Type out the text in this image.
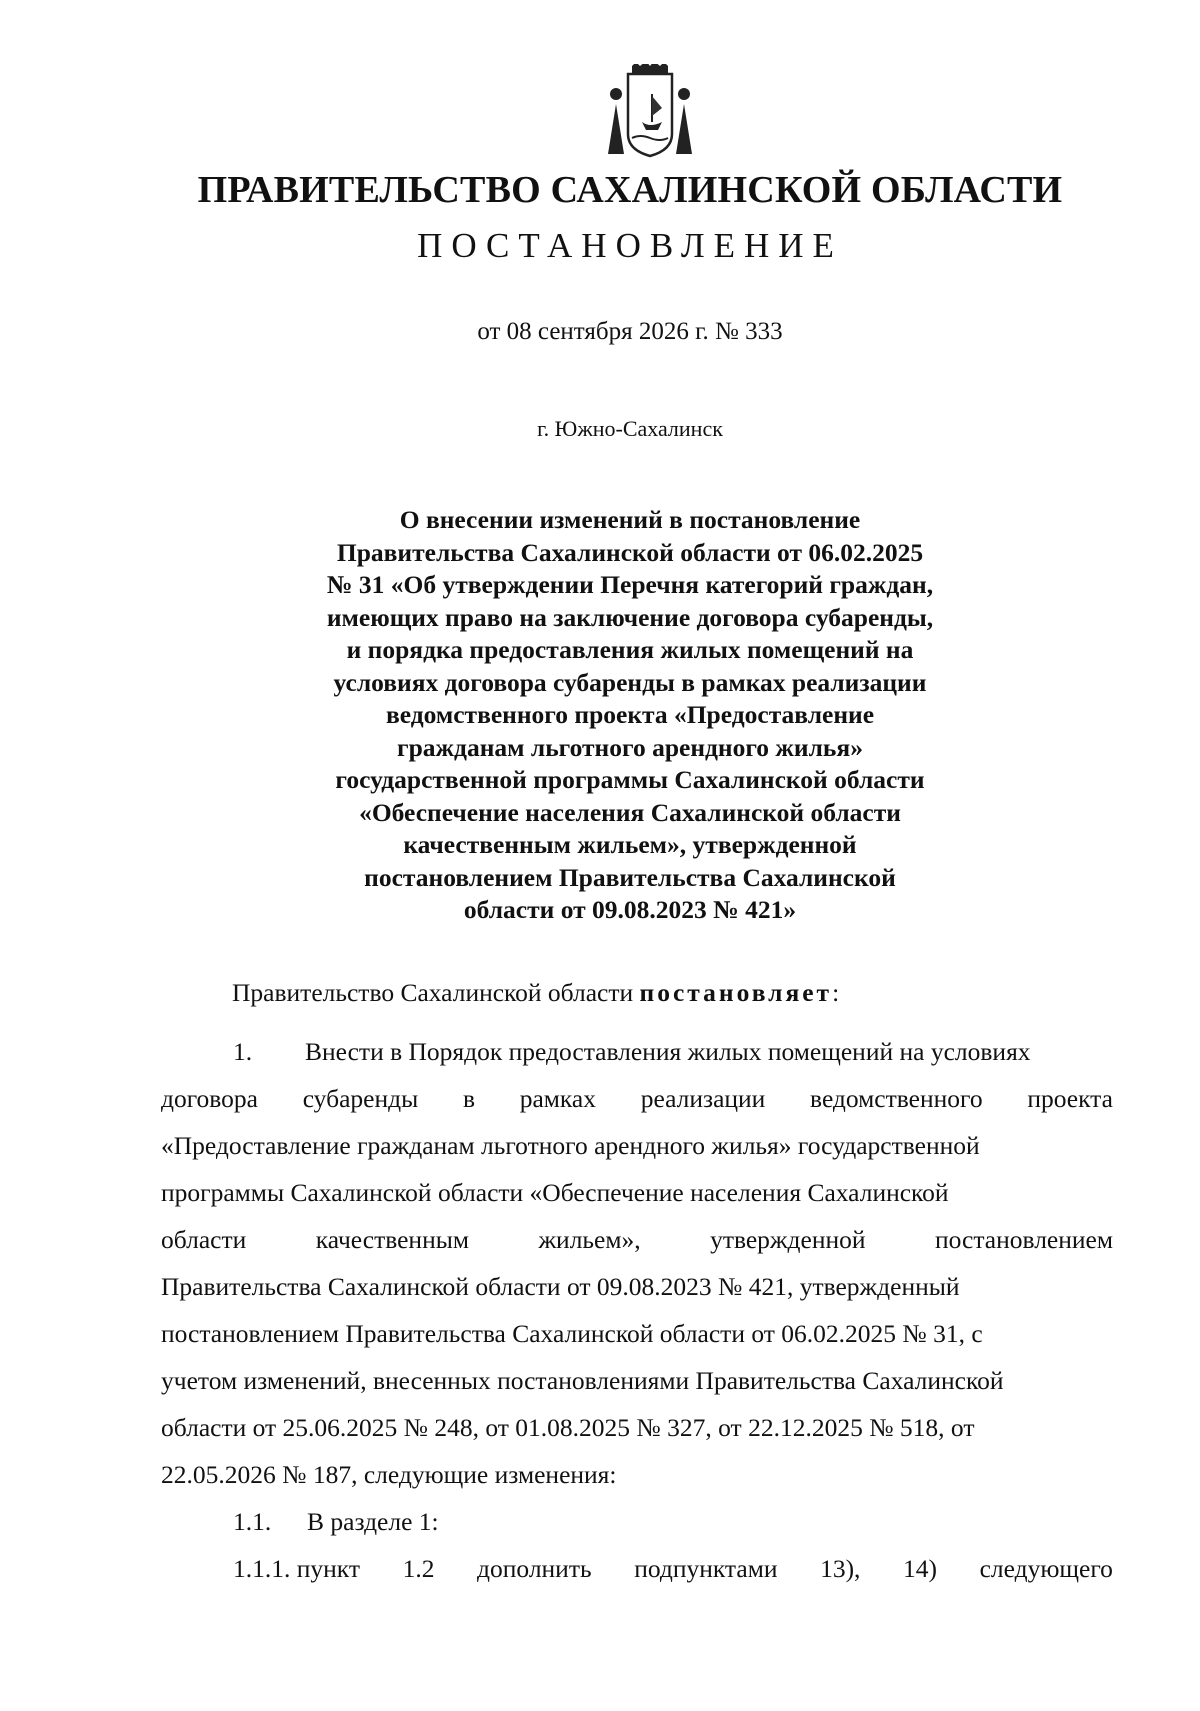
ПРАВИТЕЛЬСТВО САХАЛИНСКОЙ ОБЛАСТИ
ПОСТАНОВЛЕНИЕ
от 08 сентября 2026 г. № 333
г. Южно-Сахалинск
О внесении изменений в постановление
Правительства Сахалинской области от 06.02.2025
№ 31 «Об утверждении Перечня категорий граждан,
имеющих право на заключение договора субаренды,
и порядка предоставления жилых помещений на
условиях договора субаренды в рамках реализации
ведомственного проекта «Предоставление
гражданам льготного арендного жилья»
государственной программы Сахалинской области
«Обеспечение населения Сахалинской области
качественным жильем», утвержденной
постановлением Правительства Сахалинской
области от 09.08.2023 № 421»
Правительство Сахалинской области постановляет:
1. Внести в Порядок предоставления жилых помещений на условиях
договора субаренды в рамках реализации ведомственного проекта
«Предоставление гражданам льготного арендного жилья» государственной
программы Сахалинской области «Обеспечение населения Сахалинской
области	качественным	жильем»,	утвержденной	постановлением
Правительства Сахалинской области от 09.08.2023 № 421, утвержденный
постановлением Правительства Сахалинской области от 06.02.2025 № 31, с
учетом изменений, внесенных постановлениями Правительства Сахалинской
области от 25.06.2025 № 248, от 01.08.2025 № 327, от 22.12.2025 № 518, от
22.05.2026 № 187, следующие изменения:
1.1. В разделе 1:
1.1.1. пункт 1.2 дополнить подпунктами 13), 14) следующего
